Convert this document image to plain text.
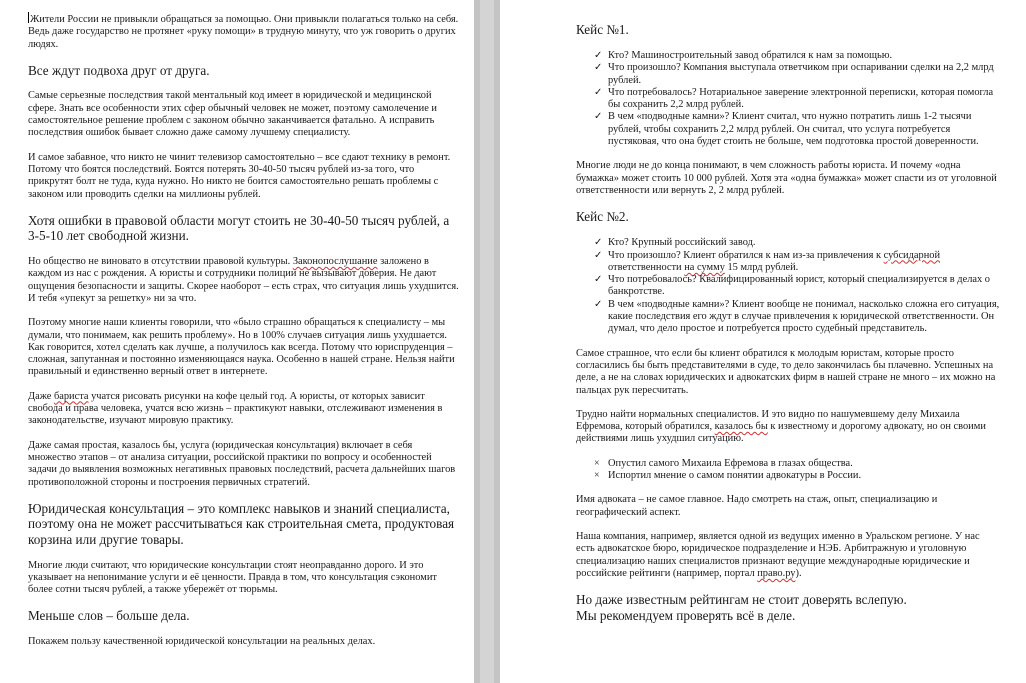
Жители России не привыкли обращаться за помощью. Они привыкли полагаться только на себя. Ведь даже государство не протянет «руку помощи» в трудную минуту, что уж говорить о других людях.

Все ждут подвоха друг от друга.

Самые серьезные последствия такой ментальный код имеет в юридической и медицинской сфере. Знать все особенности этих сфер обычный человек не может, поэтому самолечение и самостоятельное решение проблем с законом обычно заканчивается фатально. А исправить последствия ошибок бывает сложно даже самому лучшему специалисту.

И самое забавное, что никто не чинит телевизор самостоятельно – все сдают технику в ремонт. Потому что боятся последствий. Боятся потерять 30-40-50 тысяч рублей из-за того, что прикрутят болт не туда, куда нужно. Но никто не боится самостоятельно решать проблемы с законом или проводить сделки на миллионы рублей.

Хотя ошибки в правовой области могут стоить не 30-40-50 тысяч рублей, а 3-5-10 лет свободной жизни.

Но общество не виновато в отсутствии правовой культуры. Законопослушание заложено в каждом из нас с рождения. А юристы и сотрудники полиции не вызывают доверия. Не дают ощущения безопасности и защиты. Скорее наоборот – есть страх, что ситуация лишь ухудшится. И тебя «упекут за решетку» ни за что.

Поэтому многие наши клиенты говорили, что «было страшно обращаться к специалисту – мы думали, что понимаем, как решить проблему». Но в 100% случаев ситуация лишь ухудшается. Как говорится, хотел сделать как лучше, а получилось как всегда. Потому что юриспруденция – сложная, запутанная и постоянно изменяющаяся наука. Особенно в нашей стране. Нельзя найти правильный и единственно верный ответ в интернете.

Даже бариста учатся рисовать рисунки на кофе целый год. А юристы, от которых зависит свобода и права человека, учатся всю жизнь – практикуют навыки, отслеживают изменения в законодательстве, изучают мировую практику.

Даже самая простая, казалось бы, услуга (юридическая консультация) включает в себя множество этапов – от анализа ситуации, российской практики по вопросу и особенностей задачи до выявления возможных негативных правовых последствий, расчета дальнейших шагов противоположной стороны и построения первичных стратегий.

Юридическая консультация – это комплекс навыков и знаний специалиста, поэтому она не может рассчитываться как строительная смета, продуктовая корзина или другие товары.

Многие люди считают, что юридические консультации стоят неоправданно дорого. И это указывает на непонимание услуги и её ценности. Правда в том, что консультация сэкономит более сотни тысяч рублей, а также убережёт от тюрьмы.

Меньше слов – больше дела.

Покажем пользу качественной юридической консультации на реальных делах.

Кейс №1.
✓ Кто? Машиностроительный завод обратился к нам за помощью.
✓ Что произошло? Компания выступала ответчиком при оспаривании сделки на 2,2 млрд рублей.
✓ Что потребовалось? Нотариальное заверение электронной переписки, которая помогла бы сохранить 2,2 млрд рублей.
✓ В чем «подводные камни»? Клиент считал, что нужно потратить лишь 1-2 тысячи рублей, чтобы сохранить 2,2 млрд рублей. Он считал, что услуга потребуется пустяковая, что она будет стоить не больше, чем подготовка простой доверенности.

Многие люди не до конца понимают, в чем сложность работы юриста. И почему «одна бумажка» может стоить 10 000 рублей. Хотя эта «одна бумажка» может спасти из от уголовной ответственности или вернуть 2, 2 млрд рублей.

Кейс №2.
✓ Кто? Крупный российский завод.
✓ Что произошло? Клиент обратился к нам из-за привлечения к субсидарной ответственности на сумму 15 млрд рублей.
✓ Что потребовалось? Квалифицированный юрист, который специализируется в делах о банкротстве.
✓ В чем «подводные камни»? Клиент вообще не понимал, насколько сложна его ситуация, какие последствия его ждут в случае привлечения к юридической ответственности. Он думал, что дело простое и потребуется просто судебный представитель.

Самое страшное, что если бы клиент обратился к молодым юристам, которые просто согласились бы быть представителями в суде, то дело закончилась бы плачевно. Успешных на деле, а не на словах юридических и адвокатских фирм в нашей стране не много – их можно на пальцах рук пересчитать.

Трудно найти нормальных специалистов. И это видно по нашумевшему делу Михаила Ефремова, который обратился, казалось бы к известному и дорогому адвокату, но он своими действиями лишь ухудшил ситуацию.

× Опустил самого Михаила Ефремова в глазах общества.
× Испортил мнение о самом понятии адвокатуры в России.

Имя адвоката – не самое главное. Надо смотреть на стаж, опыт, специализацию и географический аспект.

Наша компания, например, является одной из ведущих именно в Уральском регионе. У нас есть адвокатское бюро, юридическое подразделение и НЭБ. Арбитражную и уголовную специализацию наших специалистов признают ведущие международные юридические и российские рейтинги (например, портал право.ру).

Но даже известным рейтингам не стоит доверять вслепую.
Мы рекомендуем проверять всё в деле.
